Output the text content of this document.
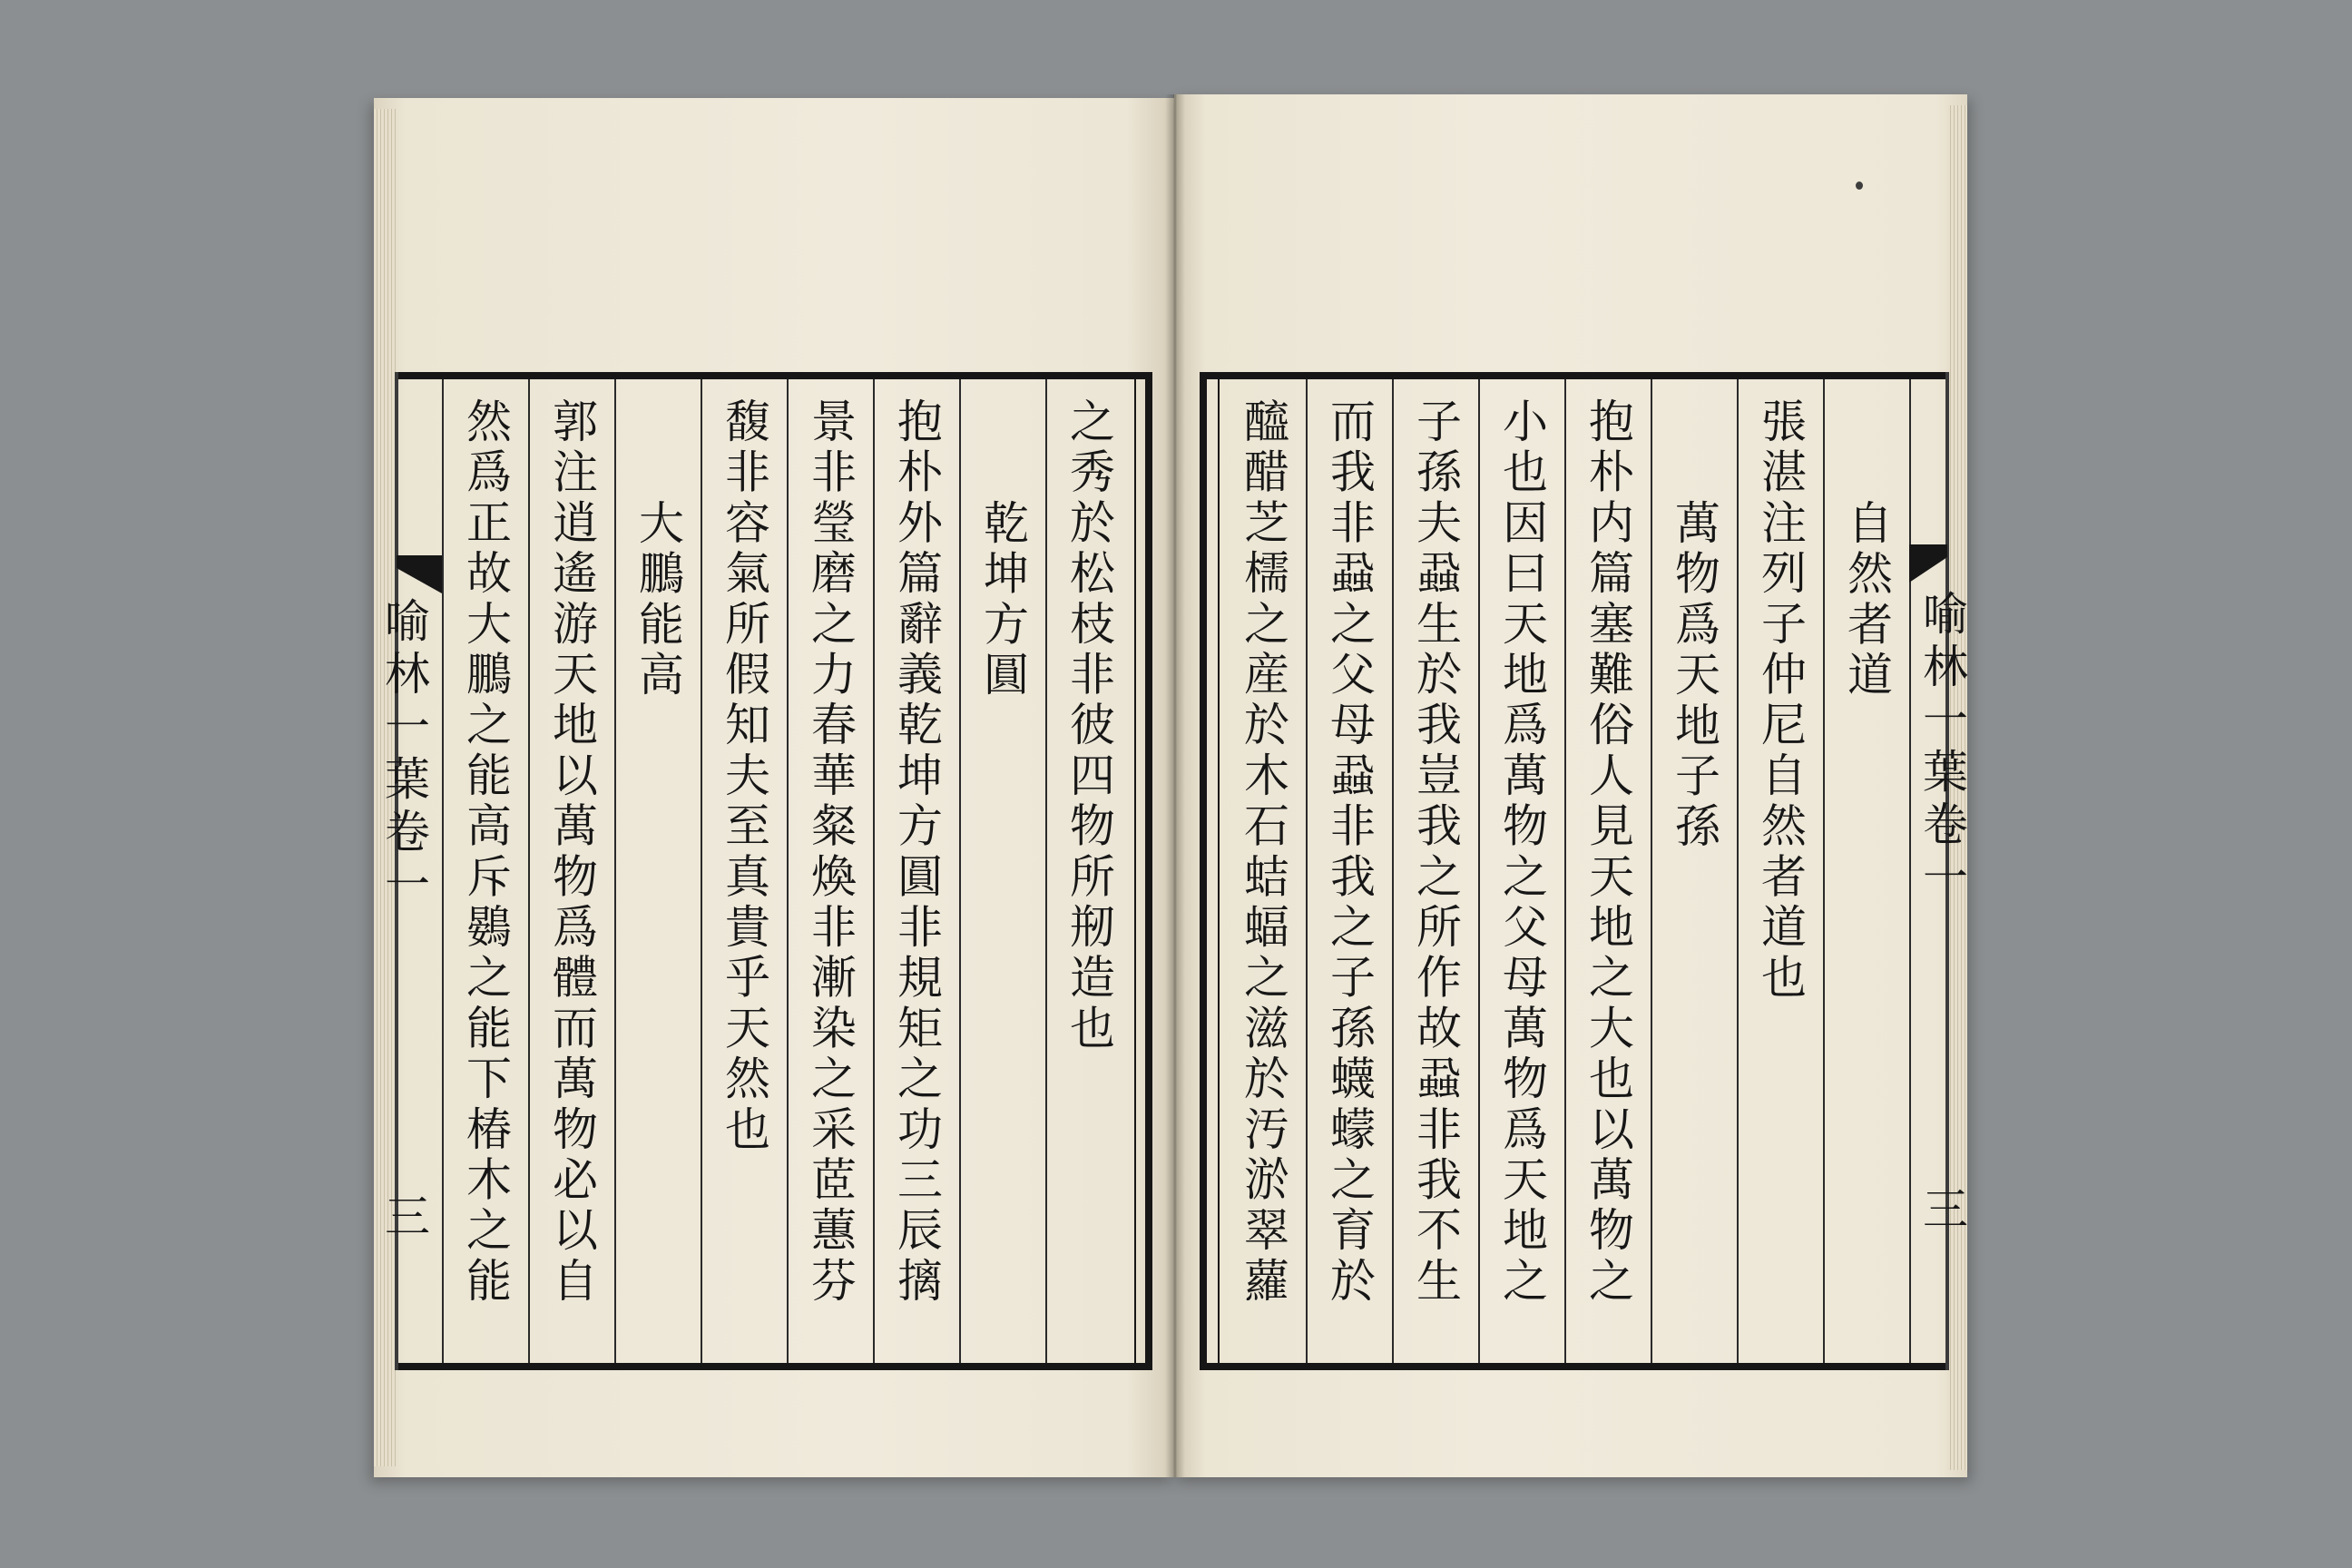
自然者道
張湛注列子仲尼自然者道也
萬物爲天地子孫
抱朴内篇塞難俗人見天地之大也以萬物之
小也因曰天地爲萬物之父母萬物爲天地之
子孫夫蝨生於我豈我之所作故蝨非我不生
而我非蝨之父母蝨非我之子孫蠛蠓之育於
醯醋芝檽之産於木石蛣蝠之滋於汚淤翠蘿
之秀於松枝非彼四物所剏造也
乾坤方圓
抱朴外篇辭義乾坤方圓非規矩之功三辰摛
景非瑩磨之力春華粲煥非漸染之采茝蕙芬
馥非容氣所假知夫至真貴乎天然也
大鵬能高
郭注逍遙游天地以萬物爲體而萬物必以自
然爲正故大鵬之能高斥鷃之能下椿木之能
喻林一葉卷一
三
喻林一葉卷一
三
